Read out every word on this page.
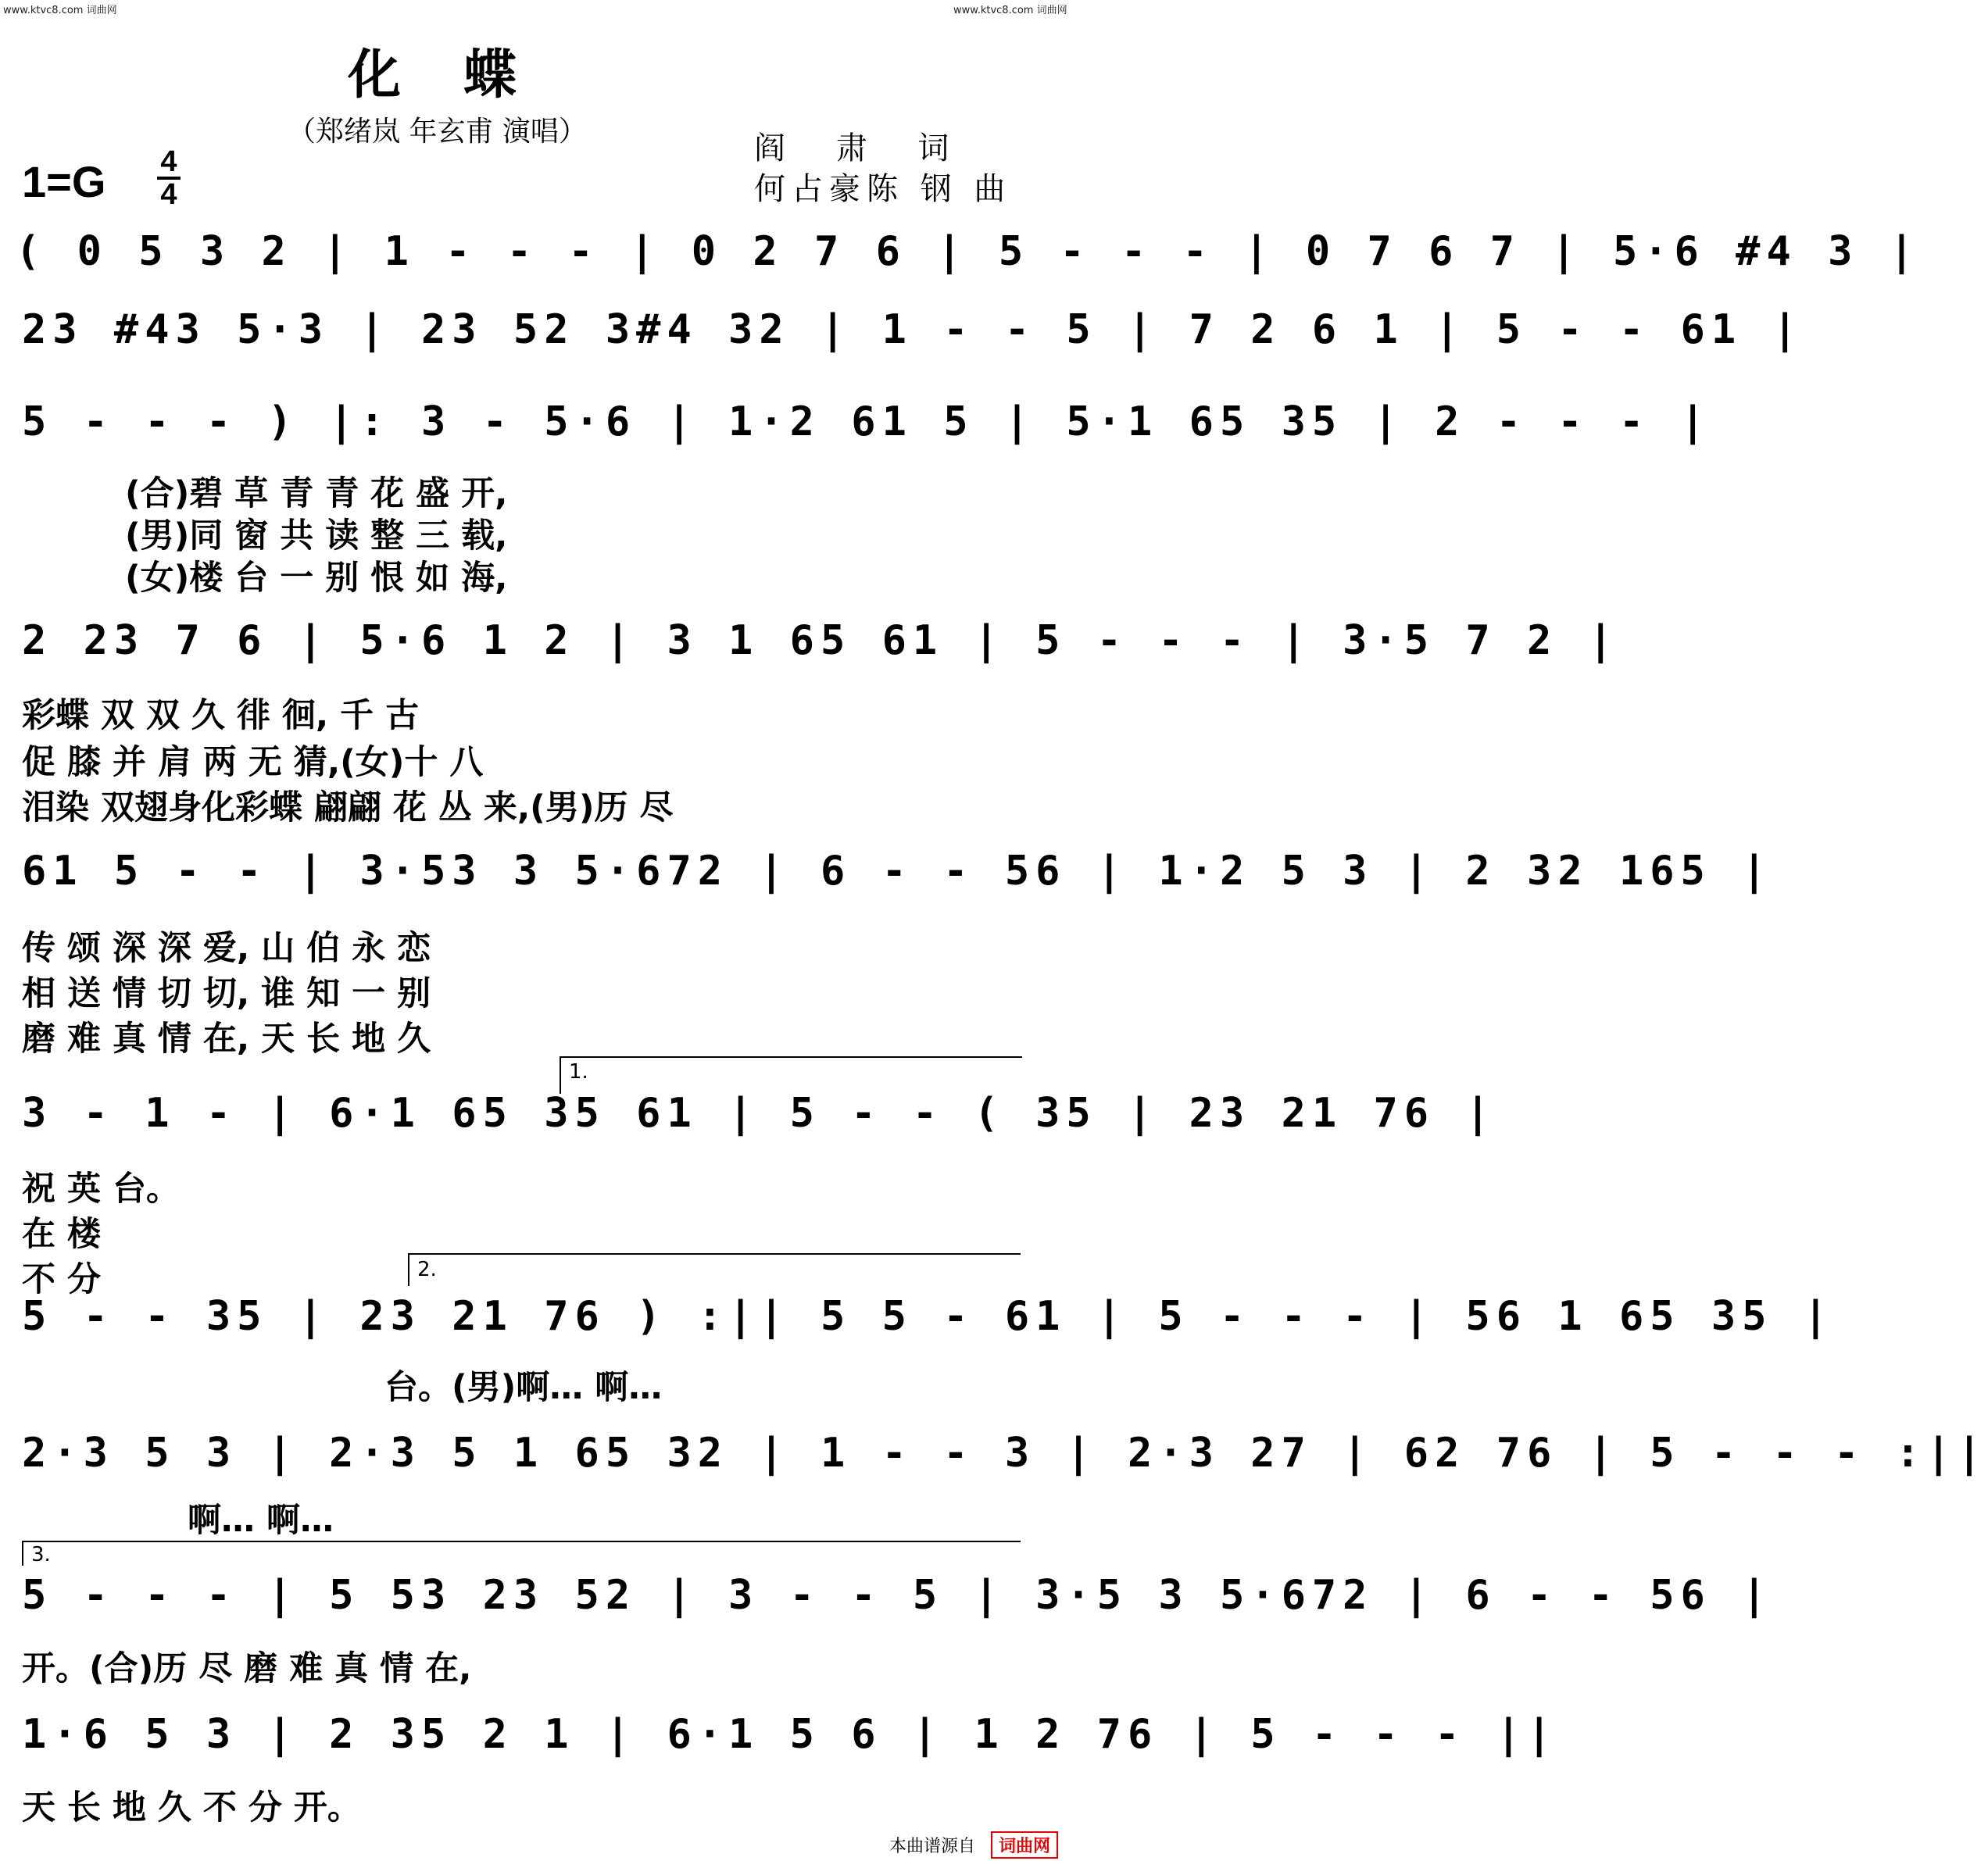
www.ktvc8.com 词曲网	www.ktvc8.com 词曲网
化蝶
（郑绪岚 年玄甫 演唱）	阎 肃 词
何占豪陈 钢 曲
1=G 4
4
( 0 5 3 2 | 1 - - - | 0 2 7 6 | 5 - - - | 0 7 6 7 | 5·6 #4 3 |
23 #43 5·3 | 23 52 3#4 32 | 1 - - 5 | 7 2 6 1 | 5 - - 61 |
5 - - - ) |: 3 - 5·6 | 1·2 61 5 | 5·1 65 35 | 2 - - - |
(合)碧 草 青 青 花 盛 开,
(男)同 窗 共 读 整 三 载,
(女)楼 台 一 别 恨 如 海,
2 23 7 6 | 5·6 1 2 | 3 1 65 61 | 5 - - - | 3·5 7 2 |
彩蝶 双 双 久 徘 徊, 千 古
促 膝 并 肩 两 无 猜,(女)十 八
泪染 双翅身化彩蝶 翩翩 花 丛 来,(男)历 尽
61 5 - - | 3·53 3 5·672 | 6 - - 56 | 1·2 5 3 | 2 32 165 |
传 颂 深 深 爱, 山 伯 永 恋
相 送 情 切 切, 谁 知 一 别
磨 难 真 情 在, 天 长 地 久
1.
3 - 1 - | 6·1 65 35 61 | 5 - - ( 35 | 23 21 76 |
祝 英 台。
在 楼
不 分	2.
5 - - 35 | 23 21 76 ) :|| 5 5 - 61 | 5 - - - | 56 1 65 35 |
台。(男)啊… 啊…
2·3 5 3 | 2·3 5 1 65 32 | 1 - - 3 | 2·3 27 | 62 76 | 5 - - - :||
啊… 啊…
3.
5 - - - | 5 53 23 52 | 3 - - 5 | 3·5 3 5·672 | 6 - - 56 |
开。(合)历 尽 磨 难 真 情 在,
1·6 5 3 | 2 35 2 1 | 6·1 5 6 | 1 2 76 | 5 - - - ||
天 长 地 久 不 分 开。
本曲谱源自	词曲网
